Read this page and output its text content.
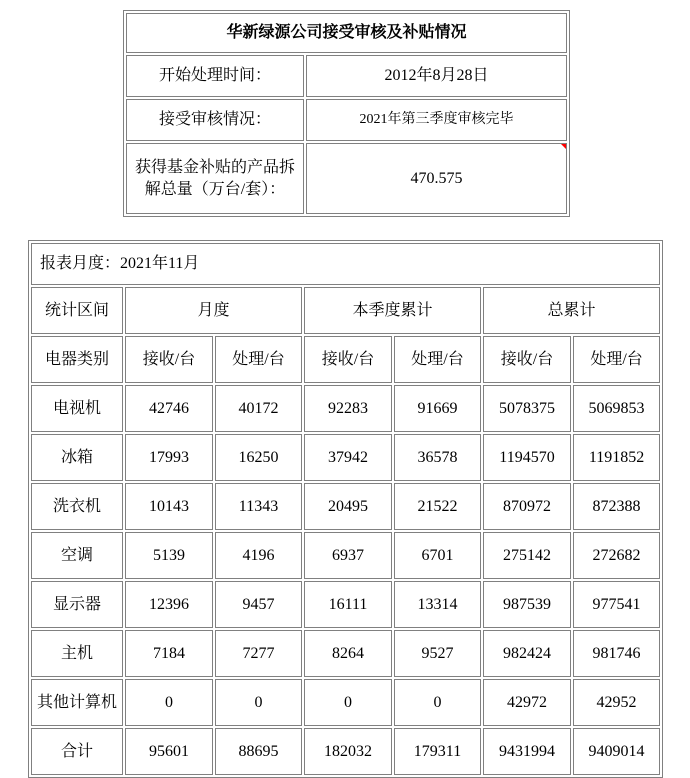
华新绿源公司接受审核及补贴情况	
开始处理时间：	2012年8月28日
接受审核情况：	2021年第三季度审核完毕
获得基金补贴的产品拆解总量（万台/套）：	470.575
报表月度：2021年11月						
统计区间	月度		本季度累计		总累计	
电器类别	接收/台	处理/台	接收/台	处理/台	接收/台	处理/台
电视机	42746	40172	92283	91669	5078375	5069853
冰箱	17993	16250	37942	36578	1194570	1191852
洗衣机	10143	11343	20495	21522	870972	872388
空调	5139	4196	6937	6701	275142	272682
显示器	12396	9457	16111	13314	987539	977541
主机	7184	7277	8264	9527	982424	981746
其他计算机	0	0	0	0	42972	42952
合计	95601	88695	182032	179311	9431994	9409014
